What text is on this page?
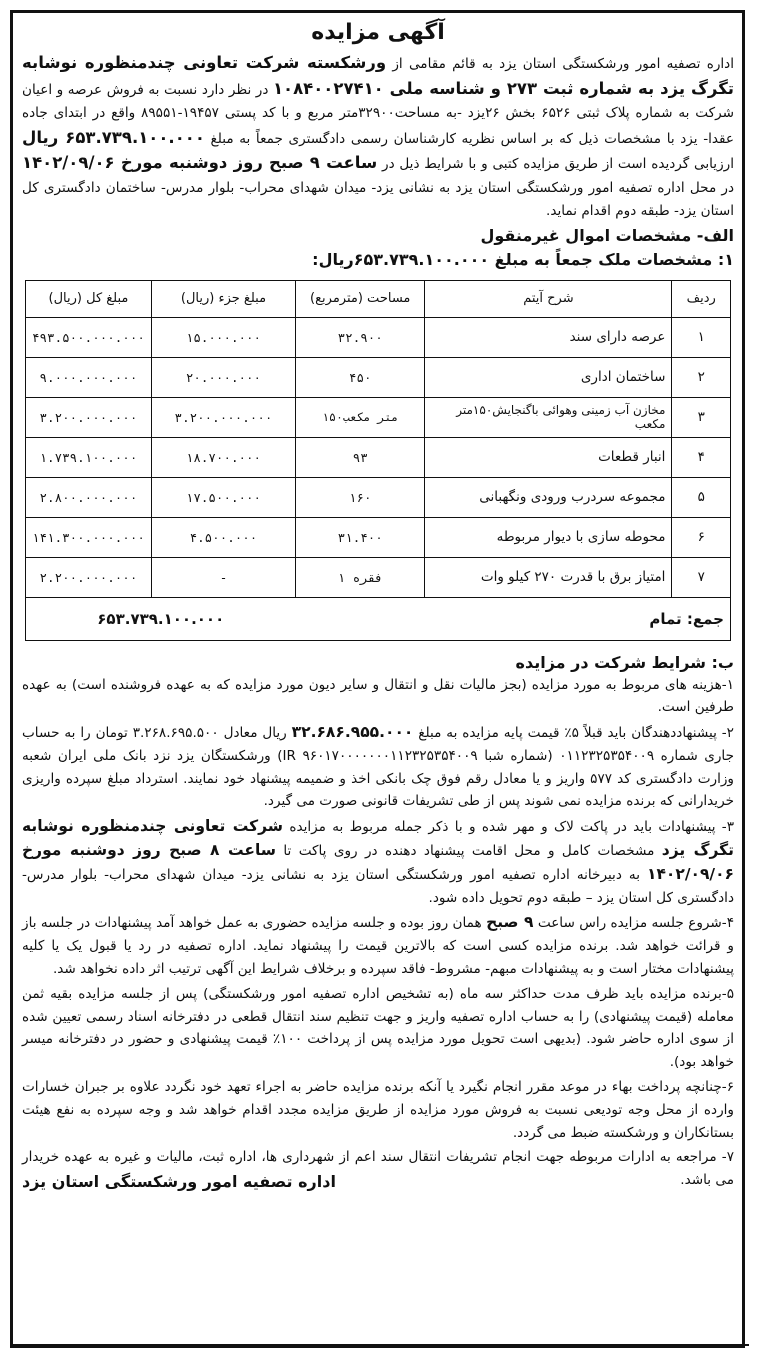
آگهی مزایده

اداره تصفیه امور ورشکستگی استان یزد به قائم مقامی از ورشکسته شرکت تعاونی چندمنظوره نوشابه تگرگ یزد به شماره ثبت ۲۷۳ و شناسه ملی ۱۰۸۴۰۰۲۷۴۱۰ در نظر دارد نسبت به فروش عرصه و اعیان شرکت به شماره پلاک ثبتی ۶۵۲۶ بخش ۲۶یزد -به مساحت۳۲۹۰۰متر مربع و با کد پستی ۱۹۴۵۷-۸۹۵۵۱ واقع در ابتدای جاده عقدا- یزد با مشخصات ذیل که بر اساس نظریه کارشناسان رسمی دادگستری جمعاً به مبلغ ۶۵۳.۷۳۹.۱۰۰.۰۰۰ ریال ارزیابی گردیده است از طریق مزایده کتبی و با شرایط ذیل در ساعت ۹ صبح روز دوشنبه مورخ ۱۴۰۲/۰۹/۰۶ در محل اداره تصفیه امور ورشکستگی استان یزد به نشانی یزد- میدان شهدای محراب- بلوار مدرس- ساختمان دادگستری کل استان یزد- طبقه دوم اقدام نماید.

الف- مشخصات اموال غیرمنقول
۱: مشخصات ملک جمعاً به مبلغ ۶۵۳.۷۳۹.۱۰۰.۰۰۰ریال:
ردیف	شرح آیتم	مساحت (مترمربع)	مبلغ جزء (ریال)	مبلغ کل (ریال)
۱	عرصه دارای سند	۳۲.۹۰۰	۱۵.۰۰۰.۰۰۰	۴۹۳.۵۰۰.۰۰۰.۰۰۰
۲	ساختمان اداری	۴۵۰	۲۰.۰۰۰.۰۰۰	۹.۰۰۰.۰۰۰.۰۰۰
۳	مخازن آب زمینی وهوائی باگنجایش۱۵۰متر مکعب	۱۵۰متر مکعب	۳.۲۰۰.۰۰۰.۰۰۰	۳.۲۰۰.۰۰۰.۰۰۰
۴	انبار قطعات	۹۳	۱۸.۷۰۰.۰۰۰	۱.۷۳۹.۱۰۰.۰۰۰
۵	مجموعه سردرب ورودی ونگهبانی	۱۶۰	۱۷.۵۰۰.۰۰۰	۲.۸۰۰.۰۰۰.۰۰۰
۶	محوطه سازی با دیوار مربوطه	۳۱.۴۰۰	۴.۵۰۰.۰۰۰	۱۴۱.۳۰۰.۰۰۰.۰۰۰
۷	امتیاز برق با قدرت ۲۷۰ کیلو وات	۱ فقره	-	۲.۲۰۰.۰۰۰.۰۰۰
جمع: تمام			۶۵۳.۷۳۹.۱۰۰.۰۰۰	
ب: شرایط شرکت در مزایده

۱-هزینه های مربوط به مورد مزایده (بجز مالیات نقل و انتقال و سایر دیون مورد مزایده که به عهده فروشنده است) به عهده طرفین است.

۲- پیشنهاددهندگان باید قبلاً ۵٪ قیمت پایه مزایده به مبلغ ۳۲.۶۸۶.۹۵۵.۰۰۰ ریال معادل ۳.۲۶۸.۶۹۵.۵۰۰ تومان را به حساب جاری شماره ۰۱۱۲۳۲۵۳۵۴۰۰۹ (شماره شبا IR ۹۶۰۱۷۰۰۰۰۰۰۰۱۱۲۳۲۵۳۵۴۰۰۹) ورشکستگان یزد نزد بانک ملی ایران شعبه وزارت دادگستری کد ۵۷۷ واریز و یا معادل رقم فوق چک بانکی اخذ و ضمیمه پیشنهاد خود نمایند. استرداد مبلغ سپرده واریزی خریدارانی که برنده مزایده نمی شوند پس از طی تشریفات قانونی صورت می گیرد.

۳- پیشنهادات باید در پاکت لاک و مهر شده و با ذکر جمله مربوط به مزایده شرکت تعاونی چندمنظوره نوشابه تگرگ یزد مشخصات کامل و محل اقامت پیشنهاد دهنده در روی پاکت تا ساعت ۸ صبح روز دوشنبه مورخ ۱۴۰۲/۰۹/۰۶ به دبیرخانه اداره تصفیه امور ورشکستگی استان یزد به نشانی یزد- میدان شهدای محراب- بلوار مدرس- دادگستری کل استان یزد – طبقه دوم تحویل داده شود.

۴-شروع جلسه مزایده راس ساعت ۹ صبح همان روز بوده و جلسه مزایده حضوری به عمل خواهد آمد پیشنهادات در جلسه باز و قرائت خواهد شد. برنده مزایده کسی است که بالاترین قیمت را پیشنهاد نماید. اداره تصفیه در رد یا قبول یک یا کلیه پیشنهادات مختار است و به پیشنهادات مبهم- مشروط- فاقد سپرده و برخلاف شرایط این آگهی ترتیب اثر داده نخواهد شد.

۵-برنده مزایده باید ظرف مدت حداکثر سه ماه (به تشخیص اداره تصفیه امور ورشکستگی) پس از جلسه مزایده بقیه ثمن معامله (قیمت پیشنهادی) را به حساب اداره تصفیه واریز و جهت تنظیم سند انتقال قطعی در دفترخانه اسناد رسمی تعیین شده از سوی اداره حاضر شود. (بدیهی است تحویل مورد مزایده پس از پرداخت ۱۰۰٪ قیمت پیشنهادی و حضور در دفترخانه میسر خواهد بود).

۶-چنانچه پرداخت بهاء در موعد مقرر انجام نگیرد یا آنکه برنده مزایده حاضر به اجراء تعهد خود نگردد علاوه بر جبران خسارات وارده از محل وجه تودیعی نسبت به فروش مورد مزایده از طریق مزایده مجدد اقدام خواهد شد و وجه سپرده به نفع هیئت بستانکاران و ورشکسته ضبط می گردد.

۷- مراجعه به ادارات مربوطه جهت انجام تشریفات انتقال سند اعم از شهرداری ها، اداره ثبت، مالیات و غیره به عهده خریدار می باشد.

اداره تصفیه امور ورشکستگی استان یزد
